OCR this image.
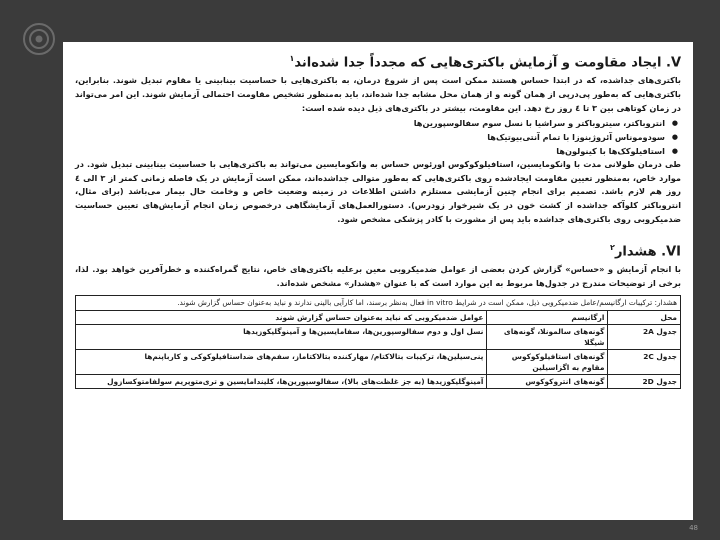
V. ایجاد مقاومت و آزمایش باکتری‌هایی که مجدداً جدا شده‌اند$^۱$

باکتری‌های جداشده، که در ابتدا حساس هستند ممکن است پس از شروع درمان، به باکتری‌هایی با حساسیت بینابینی یا مقاوم تبدیل شوند. بنابراین، باکتری‌هایی که به‌طور پی‌درپی از همان گونه و از همان محل مشابه جدا شده‌اند، باید به‌منظور تشخیص مقاومت احتمالی آزمایش شوند. این امر می‌تواند در زمان کوتاهی بین ۳ تا ٤ روز رخ دهد. این مقاومت، بیشتر در باکتری‌های ذیل دیده شده است:

● انتروباکتر، سیتروباکتر و سراشیا با نسل سوم سفالوسپورین‌ها
● سودوموناس آئروژینوزا با تمام آنتی‌بیوتیک‌ها
● استافیلوکک‌ها با کینولون‌ها

طی درمان طولانی مدت با وانکومایسین، استافیلوکوکوس اورئوس حساس به وانکومایسین می‌تواند به باکتری‌هایی با حساسیت بینابینی تبدیل شود. در موارد خاص، به‌منظور تعیین مقاومت ایجادشده روی باکتری‌هایی که به‌طور متوالی جداشده‌اند، ممکن است آزمایش در یک فاصله زمانی کمتر از ۳ الی ٤ روز هم لازم باشد. تصمیم برای انجام چنین آزمایشی مستلزم داشتن اطلاعات در زمینه وضعیت خاص و وخامت حال بیمار می‌باشد (برای مثال، انتروباکتر کلوآکه جداشده از کشت خون در یک شیرخوار زودرس). دستورالعمل‌های آزمایشگاهی درخصوص زمان انجام آزمایش‌های تعیین حساسیت ضدمیکروبی روی باکتری‌های جداشده باید پس از مشورت با کادر پزشکی مشخص شود.

VI. هشدار$^۲$

با انجام آزمایش و «حساس» گزارش کردن بعضی از عوامل ضدمیکروبی معین برعلیه باکتری‌های خاص، نتایج گمراه‌کننده و خطرآفرین خواهد بود. لذا، برخی از توضیحات مندرج در جدول‌ها مربوط به این موارد است که با عنوان «هشدار» مشخص شده‌اند.

هشدار: ترکیبات ارگانیسم/عامل ضدمیکروبی ذیل، ممکن است در شرایط in vitro فعال به‌نظر برسند، اما کارآیی بالینی ندارند و نباید به‌عنوان حساس گزارش شوند.		
محل	ارگانیسم	عوامل ضدمیکروبی که نباید به‌عنوان حساس گزارش شوند
جدول 2A	گونه‌های سالمونلا، گونه‌های شیگلا	نسل اول و دوم سفالوسپورین‌ها، سفامایسین‌ها و آمینوگلیکوزیدها
جدول 2C	گونه‌های استافیلوکوکوس مقاوم به اگزاسیلین	پنی‌سیلین‌ها، ترکیبات بتالاکتام/ مهارکننده بتالاکتاماز، سفم‌های ضداستافیلوکوکی و کارباپنم‌ها
جدول 2D	گونه‌های انتروکوکوس	آمینوگلیکوزیدها (به جز غلظت‌های بالا)، سفالوسپورین‌ها، کلیندامایسین و تری‌متوپریم سولفامتوکسازول
48
